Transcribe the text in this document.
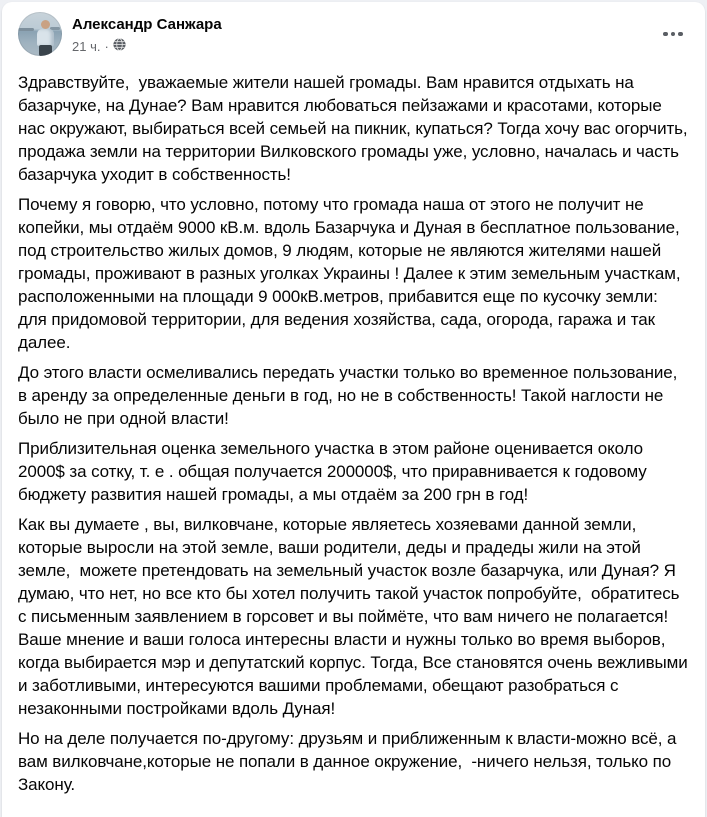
Александр Санжара
21 ч. ·

Здравствуйте,  уважаемые жители нашей громады. Вам нравится отдыхать на базарчуке, на Дунае? Вам нравится любоваться пейзажами и красотами, которые нас окружают, выбираться всей семьей на пикник, купаться? Тогда хочу вас огорчить, продажа земли на территории Вилковского громады уже, условно, началась и часть базарчука уходит в собственность!

Почему я говорю, что условно, потому что громада наша от этого не получит не копейки, мы отдаём 9000 кВ.м. вдоль Базарчука и Дуная в бесплатное пользование, под строительство жилых домов, 9 людям, которые не являются жителями нашей громады, проживают в разных уголках Украины ! Далее к этим земельным участкам, расположенными на площади 9 000кВ.метров, прибавится еще по кусочку земли: для придомовой территории, для ведения хозяйства, сада, огорода, гаража и так далее.

До этого власти осмеливались передать участки только во временное пользование, в аренду за определенные деньги в год, но не в собственность! Такой наглости не было не при одной власти!

Приблизительная оценка земельного участка в этом районе оценивается около 2000$ за сотку, т. е . общая получается 200000$, что приравнивается к годовому бюджету развития нашей громады, а мы отдаём за 200 грн в год!

Как вы думаете , вы, вилковчане, которые являетесь хозяевами данной земли, которые выросли на этой земле, ваши родители, деды и прадеды жили на этой земле,  можете претендовать на земельный участок возле базарчука, или Дуная? Я думаю, что нет, но все кто бы хотел получить такой участок попробуйте,  обратитесь с письменным заявлением в горсовет и вы поймёте, что вам ничего не полагается! Ваше мнение и ваши голоса интересны власти и нужны только во время выборов,  когда выбирается мэр и депутатский корпус. Тогда, Все становятся очень вежливыми и заботливыми, интересуются вашими проблемами, обещают разобраться с незаконными постройками вдоль Дуная!

Но на деле получается по-другому: друзьям и приближенным к власти-можно всё, а вам вилковчане,которые не попали в данное окружение,  -ничего нельзя, только по Закону.
